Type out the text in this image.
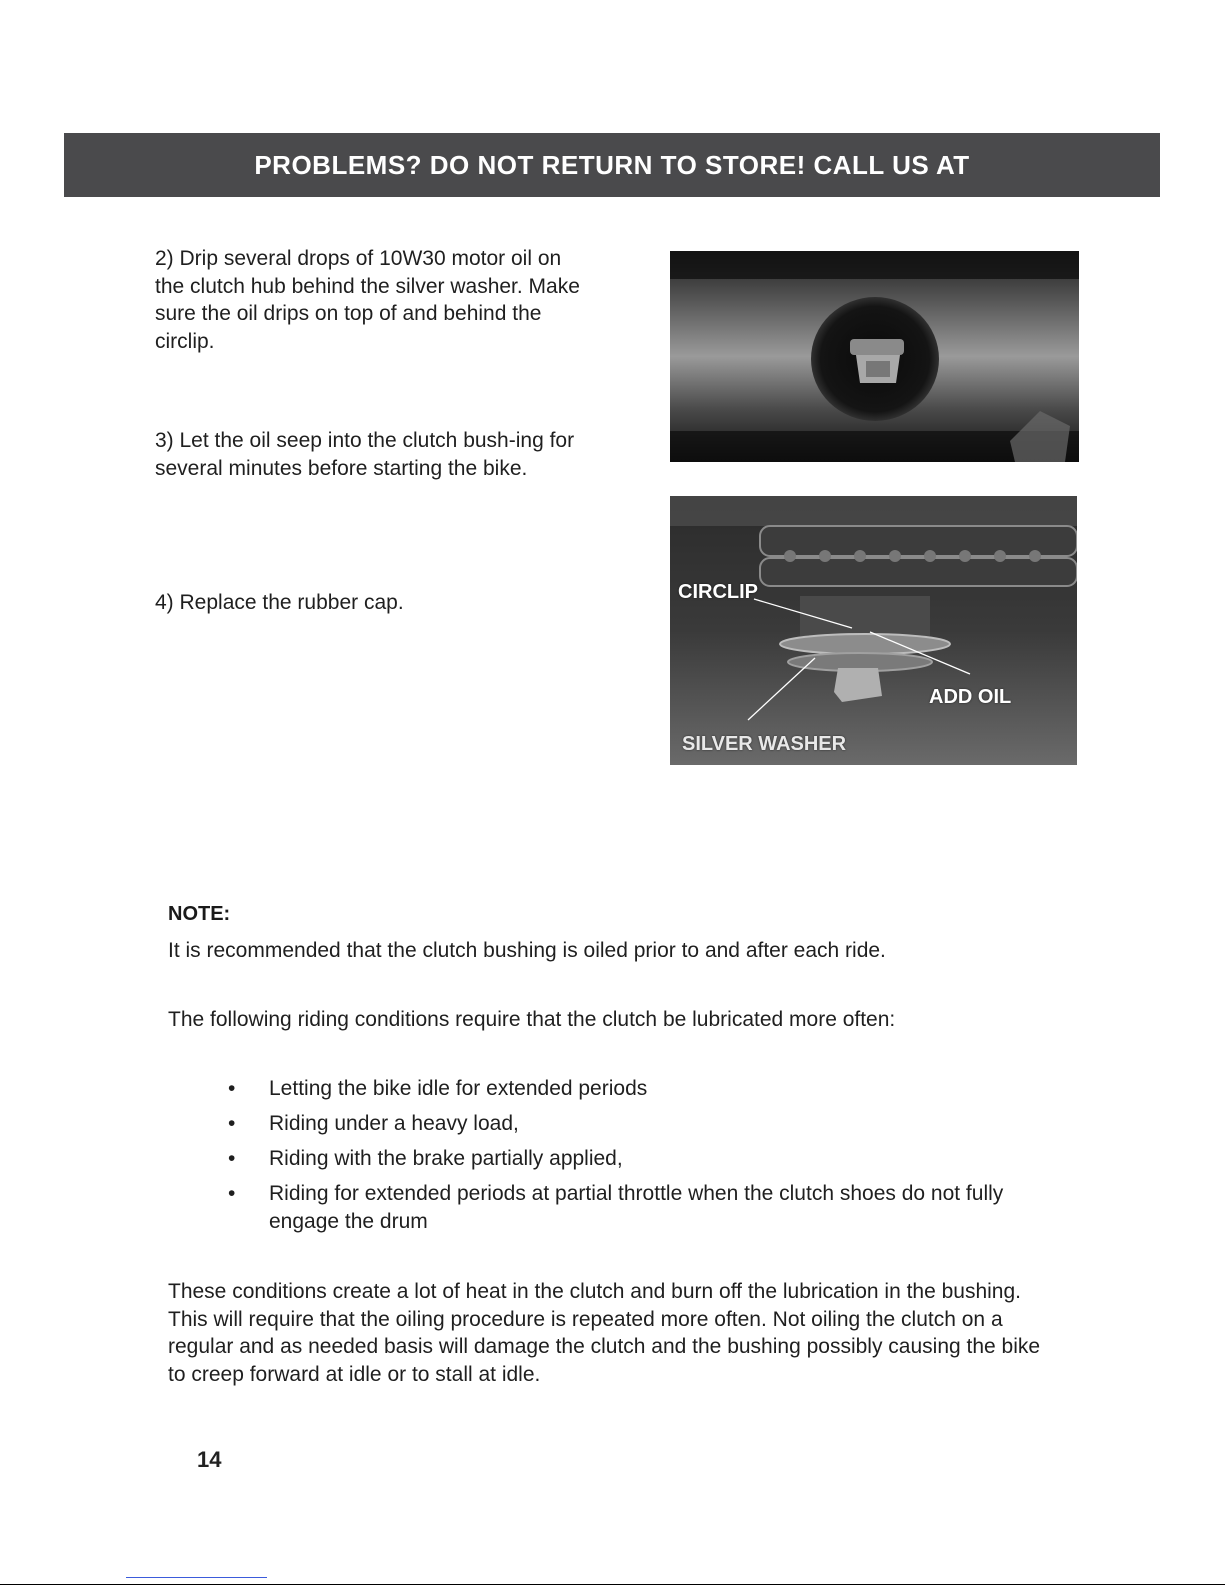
PROBLEMS? DO NOT RETURN TO STORE! CALL US AT
2) Drip several drops of 10W30 motor oil on the clutch hub behind the silver washer. Make sure the oil drips on top of and behind the circlip.
3) Let the oil seep into the clutch bush-ing for several minutes before starting the bike.
4) Replace the rubber cap.	CIRCLIP
ADD OIL
SILVER WASHER
NOTE:
It is recommended that the clutch bushing is oiled prior to and after each ride.
The following riding conditions require that the clutch be lubricated more often:
• Letting the bike idle for extended periods
• Riding under a heavy load,
• Riding with the brake partially applied,
• Riding for extended periods at partial throttle when the clutch shoes do not fully engage the drum
These conditions create a lot of heat in the clutch and burn off the lubrication in the bushing. This will require that the oiling procedure is repeated more often. Not oiling the clutch on a regular and as needed basis will damage the clutch and the bushing possibly causing the bike to creep forward at idle or to stall at idle.
14
